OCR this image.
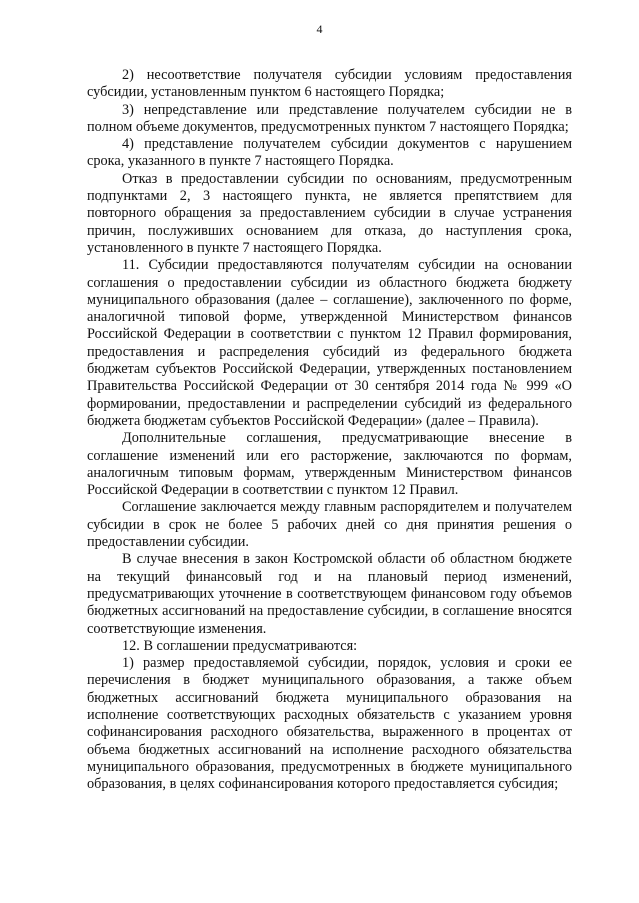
4

2) несоответствие получателя субсидии условиям предоставления субсидии, установленным пунктом 6 настоящего Порядка;

3) непредставление или представление получателем субсидии не в полном объеме документов, предусмотренных пунктом 7 настоящего Порядка;

4) представление получателем субсидии документов с нарушением срока, указанного в пункте 7 настоящего Порядка.

Отказ в предоставлении субсидии по основаниям, предусмотренным подпунктами 2, 3 настоящего пункта, не является препятствием для повторного обращения за предоставлением субсидии в случае устранения причин, послуживших основанием для отказа, до наступления срока, установленного в пункте 7 настоящего Порядка.

11. Субсидии предоставляются получателям субсидии на основании соглашения о предоставлении субсидии из областного бюджета бюджету муниципального образования (далее – соглашение), заключенного по форме, аналогичной типовой форме, утвержденной Министерством финансов Российской Федерации в соответствии с пунктом 12 Правил формирования, предоставления и распределения субсидий из федерального бюджета бюджетам субъектов Российской Федерации, утвержденных постановлением Правительства Российской Федерации от 30 сентября 2014 года № 999 «О формировании, предоставлении и распределении субсидий из федерального бюджета бюджетам субъектов Российской Федерации» (далее – Правила).

Дополнительные соглашения, предусматривающие внесение в соглашение изменений или его расторжение, заключаются по формам, аналогичным типовым формам, утвержденным Министерством финансов Российской Федерации в соответствии с пунктом 12 Правил.

Соглашение заключается между главным распорядителем и получателем субсидии в срок не более 5 рабочих дней со дня принятия решения о предоставлении субсидии.

В случае внесения в закон Костромской области об областном бюджете на текущий финансовый год и на плановый период изменений, предусматривающих уточнение в соответствующем финансовом году объемов бюджетных ассигнований на предоставление субсидии, в соглашение вносятся соответствующие изменения.

12. В соглашении предусматриваются:

1) размер предоставляемой субсидии, порядок, условия и сроки ее перечисления в бюджет муниципального образования, а также объем бюджетных ассигнований бюджета муниципального образования на исполнение соответствующих расходных обязательств с указанием уровня софинансирования расходного обязательства, выраженного в процентах от объема бюджетных ассигнований на исполнение расходного обязательства муниципального образования, предусмотренных в бюджете муниципального образования, в целях софинансирования которого предоставляется субсидия;
